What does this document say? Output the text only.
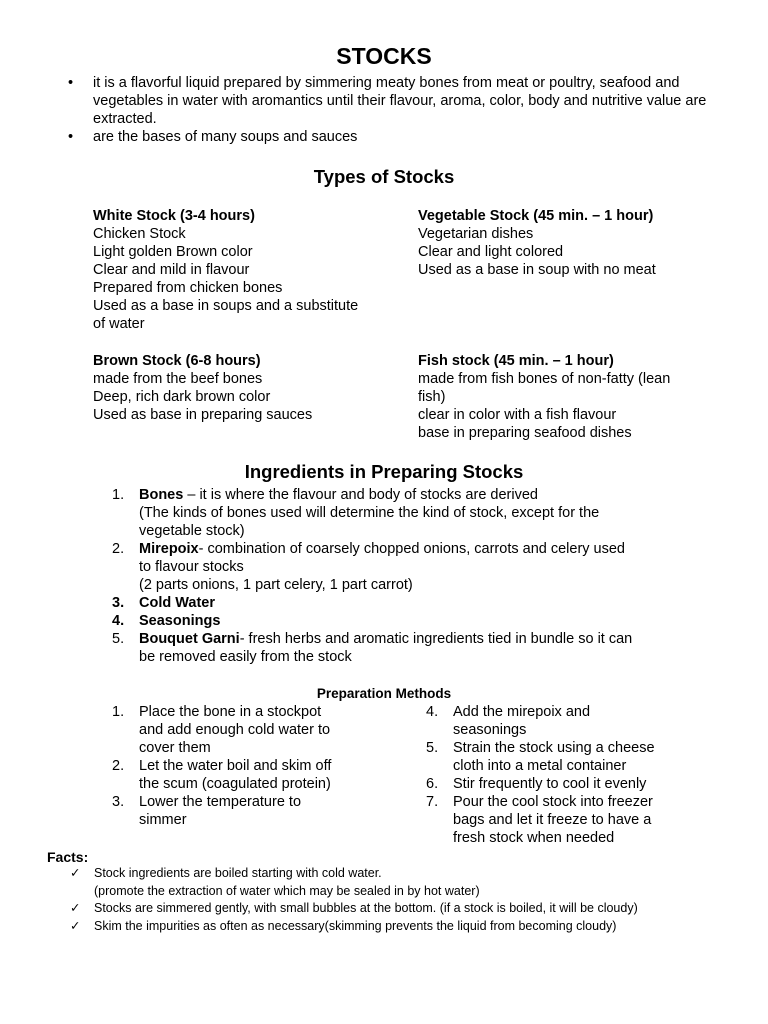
STOCKS
• it is a flavorful liquid prepared by simmering meaty bones from meat or poultry, seafood and vegetables in water with aromantics until their flavour, aroma, color, body and nutritive value are extracted.
• are the bases of many soups and sauces
Types of Stocks
White Stock (3-4 hours)
Chicken Stock
Light golden Brown color
Clear and mild in flavour
Prepared from chicken bones
Used as a base in soups and a substitute
of water
Vegetable Stock (45 min. – 1 hour)
Vegetarian dishes
Clear and light colored
Used as a base in soup with no meat
Brown Stock (6-8 hours)
made from the beef bones
Deep, rich dark brown color
Used as base in preparing sauces
Fish stock (45 min. – 1 hour)
made from fish bones of non-fatty (lean
fish)
clear in color with a fish flavour
base in preparing seafood dishes
Ingredients in Preparing Stocks
1. Bones – it is where the flavour and body of stocks are derived
(The kinds of bones used will determine the kind of stock, except for the
vegetable stock)
2. Mirepoix- combination of coarsely chopped onions, carrots and celery used
to flavour stocks
(2 parts onions, 1 part celery, 1 part carrot)
3. Cold Water
4. Seasonings
5. Bouquet Garni- fresh herbs and aromatic ingredients tied in bundle so it can
be removed easily from the stock
Preparation Methods
1. Place the bone in a stockpot
and add enough cold water to
cover them
2. Let the water boil and skim off
the scum (coagulated protein)
3. Lower the temperature to
simmer
4. Add the mirepoix and
seasonings
5. Strain the stock using a cheese
cloth into a metal container
6. Stir frequently to cool it evenly
7. Pour the cool stock into freezer
bags and let it freeze to have a
fresh stock when needed
Facts:
✓ Stock ingredients are boiled starting with cold water.
(promote the extraction of water which may be sealed in by hot water)
✓ Stocks are simmered gently, with small bubbles at the bottom. (if a stock is boiled, it will be cloudy)
✓ Skim the impurities as often as necessary(skimming prevents the liquid from becoming cloudy)
